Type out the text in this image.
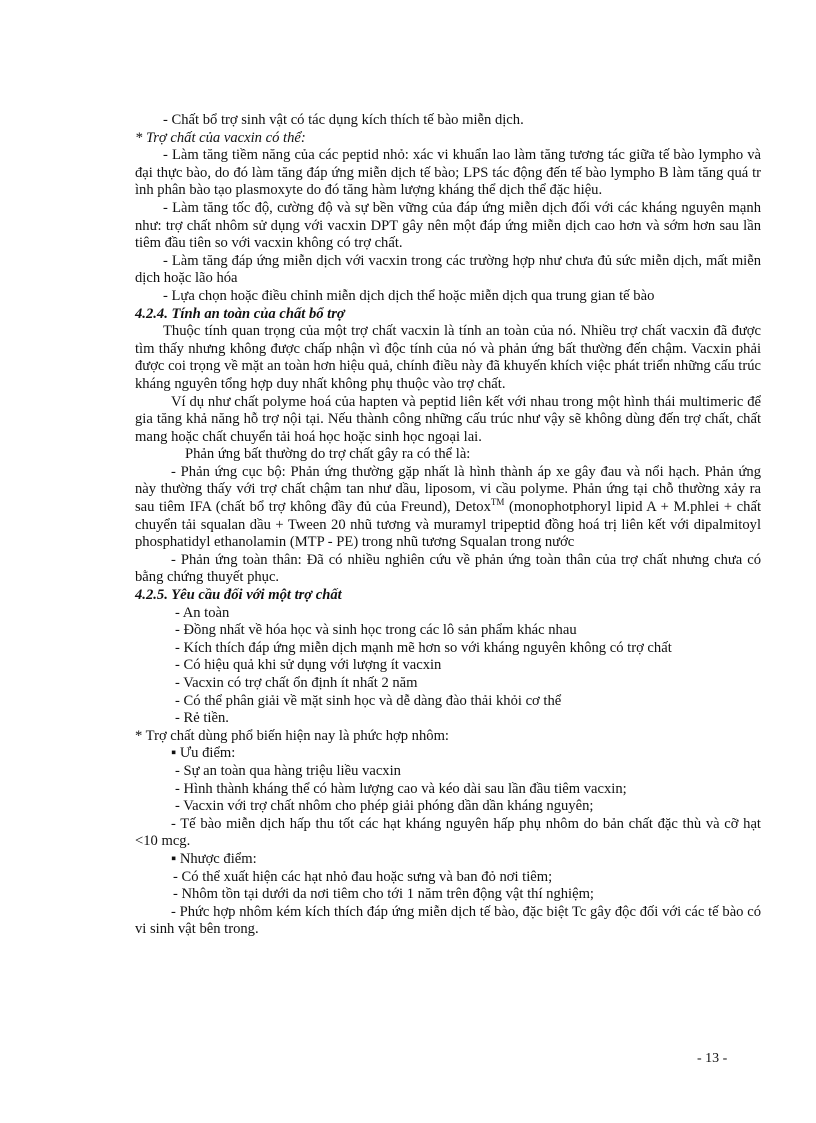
- Chất bổ trợ sinh vật có tác dụng kích thích tế bào miễn dịch.

* Trợ chất của vacxin có thể:

- Làm tăng tiềm năng của các peptid nhỏ: xác vi khuẩn lao làm tăng tương tác giữa tế bào lympho và đại thực bào, do đó làm tăng đáp ứng miễn dịch tế bào; LPS tác động đến tế bào lympho B làm tăng quá tr ình phân bào tạo plasmoxyte do đó tăng hàm lượng kháng thể dịch thể đặc hiệu.

- Làm tăng tốc độ, cường độ và sự bền vững của đáp ứng miễn dịch đối với các kháng nguyên mạnh như: trợ chất nhôm sử dụng với vacxin DPT gây nên một đáp ứng miễn dịch cao hơn và sớm hơn sau lần tiêm đầu tiên so với vacxin không có trợ chất.

- Làm tăng đáp ứng miễn dịch với vacxin trong các trường hợp như chưa đủ sức miễn dịch, mất miễn dịch hoặc lão hóa

- Lựa chọn hoặc điều chỉnh miễn dịch dịch thể hoặc miễn dịch qua trung gian tế bào

4.2.4. Tính an toàn của chất bổ trợ

Thuộc tính quan trọng của một trợ chất vacxin là tính an toàn của nó. Nhiều trợ chất vacxin đã được tìm thấy nhưng không được chấp nhận vì độc tính của nó và phản ứng bất thường đến chậm. Vacxin phải được coi trọng về mặt an toàn hơn hiệu quả, chính điều này đã khuyến khích việc phát triển những cấu trúc kháng nguyên tổng hợp duy nhất không phụ thuộc vào trợ chất.

Ví dụ như chất polyme hoá của hapten và peptid liên kết với nhau trong một hình thái multimeric để gia tăng khả năng hỗ trợ nội tại. Nếu thành công những cấu trúc như vậy sẽ không dùng đến trợ chất, chất mang hoặc chất chuyển tải hoá học hoặc sinh học ngoại lai.

Phản ứng bất thường do trợ chất gây ra có thể là:

- Phản ứng cục bộ: Phản ứng thường gặp nhất là hình thành áp xe gây đau và nổi hạch. Phản ứng này thường thấy với trợ chất chậm tan như dầu, liposom, vi cầu polyme. Phản ứng tại chỗ thường xảy ra sau tiêm IFA (chất bổ trợ không đầy đủ của Freund), Detox™ (monophotphoryl lipid A + M.phlei + chất chuyển tải squalan dầu + Tween 20 nhũ tương và muramyl tripeptid đồng hoá trị liên kết với dipalmitoyl phosphatidyl ethanolamin (MTP - PE) trong nhũ tương Squalan trong nước

- Phản ứng toàn thân: Đã có nhiều nghiên cứu về phản ứng toàn thân của trợ chất nhưng chưa có bằng chứng thuyết phục.

4.2.5. Yêu cầu đối với một trợ chất

- An toàn

- Đồng nhất về hóa học và sinh học trong các lô sản phẩm khác nhau

- Kích thích đáp ứng miễn dịch mạnh mẽ hơn so với kháng nguyên không có trợ chất

- Có hiệu quả khi sử dụng với lượng ít vacxin

- Vacxin có trợ chất ổn định ít nhất 2 năm

- Có thể phân giải về mặt sinh học và dễ dàng đào thải khỏi cơ thể

- Rẻ tiền.

* Trợ chất dùng phổ biến hiện nay là phức hợp nhôm:

▪ Ưu điểm:

- Sự an toàn qua hàng triệu liều vacxin

- Hình thành kháng thể có hàm lượng cao và kéo dài sau lần đầu tiêm vacxin;

- Vacxin với trợ chất nhôm cho phép giải phóng dần dần kháng nguyên;

- Tế bào miễn dịch hấp thu tốt các hạt kháng nguyên hấp phụ nhôm do bản chất đặc thù và cỡ hạt <10 mcg.

▪ Nhược điểm:

- Có thể xuất hiện các hạt nhỏ đau hoặc sưng và ban đỏ nơi tiêm;

- Nhôm tồn tại dưới da nơi tiêm cho tới 1 năm trên động vật thí nghiệm;

- Phức hợp nhôm kém kích thích đáp ứng miễn dịch tế bào, đặc biệt Tc gây độc đối với các tế bào có vi sinh vật bên trong.

- 13 -
